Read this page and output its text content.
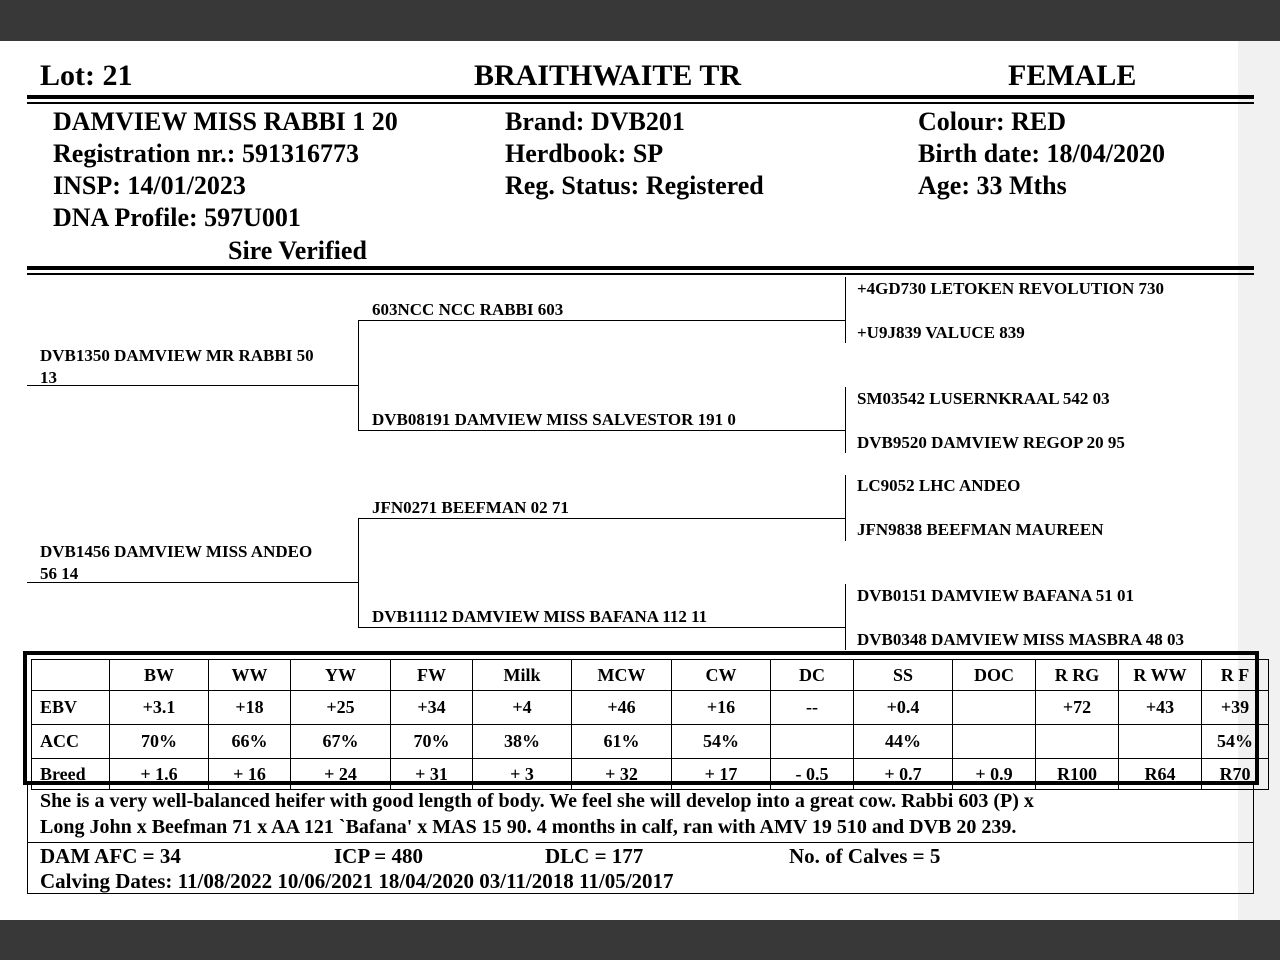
Lot: 21	BRAITHWAITE TR	FEMALE
DAMVIEW MISS RABBI 1 20
Registration nr.: 591316773
INSP: 14/01/2023
DNA Profile: 597U001
Sire Verified
Brand: DVB201
Herdbook: SP
Reg. Status: Registered
Colour: RED
Birth date: 18/04/2020
Age: 33 Mths
DVB1350 DAMVIEW MR RABBI 50
13
DVB1456 DAMVIEW MISS ANDEO
56 14
603NCC NCC RABBI 603
DVB08191 DAMVIEW MISS SALVESTOR 191 0
JFN0271 BEEFMAN 02 71
DVB11112 DAMVIEW MISS BAFANA 112 11
+4GD730 LETOKEN REVOLUTION 730
+U9J839 VALUCE 839
SM03542 LUSERNKRAAL 542 03
DVB9520 DAMVIEW REGOP 20 95
LC9052 LHC ANDEO
JFN9838 BEEFMAN MAUREEN
DVB0151 DAMVIEW BAFANA 51 01
DVB0348 DAMVIEW MISS MASBRA 48 03
	BW	WW	YW	FW	Milk	MCW	CW	DC	SS	DOC	R RG	R WW	R F
EBV	+3.1	+18	+25	+34	+4	+46	+16	--	+0.4		+72	+43	+39
ACC	70%	66%	67%	70%	38%	61%	54%		44%				54%
Breed	+ 1.6	+ 16	+ 24	+ 31	+ 3	+ 32	+ 17	- 0.5	+ 0.7	+ 0.9	R100	R64	R70
She is a very well-balanced heifer with good length of body. We feel she will develop into a great cow. Rabbi 603 (P) x
Long John x Beefman 71 x AA 121 `Bafana' x MAS 15 90. 4 months in calf, ran with AMV 19 510 and DVB 20 239.
DAM AFC = 34	ICP = 480	DLC = 177	No. of Calves = 5
Calving Dates: 11/08/2022 10/06/2021 18/04/2020 03/11/2018 11/05/2017
